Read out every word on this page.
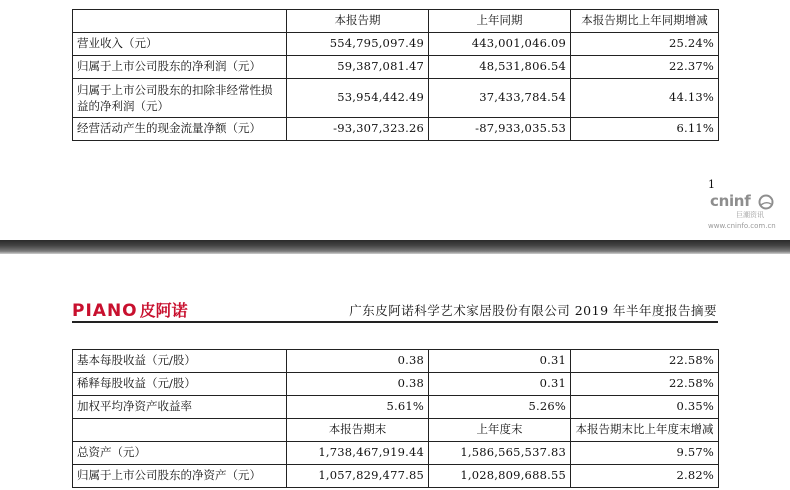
	本报告期	上年同期	本报告期比上年同期增减
营业收入（元）	554,795,097.49	443,001,046.09	25.24%
归属于上市公司股东的净利润（元）	59,387,081.47	48,531,806.54	22.37%
归属于上市公司股东的扣除非经常性损益的净利润（元）	53,954,442.49	37,433,784.54	44.13%
经营活动产生的现金流量净额（元）	-93,307,323.26	-87,933,035.53	6.11%
1
cninf
巨潮资讯
www.cninfo.com.cn
PIANO 皮阿诺	广东皮阿诺科学艺术家居股份有限公司 2019 年半年度报告摘要
基本每股收益（元/股）	0.38	0.31	22.58%
稀释每股收益（元/股）	0.38	0.31	22.58%
加权平均净资产收益率	5.61%	5.26%	0.35%
	本报告期末	上年度末	本报告期末比上年度末增减
总资产（元）	1,738,467,919.44	1,586,565,537.83	9.57%
归属于上市公司股东的净资产（元）	1,057,829,477.85	1,028,809,688.55	2.82%
